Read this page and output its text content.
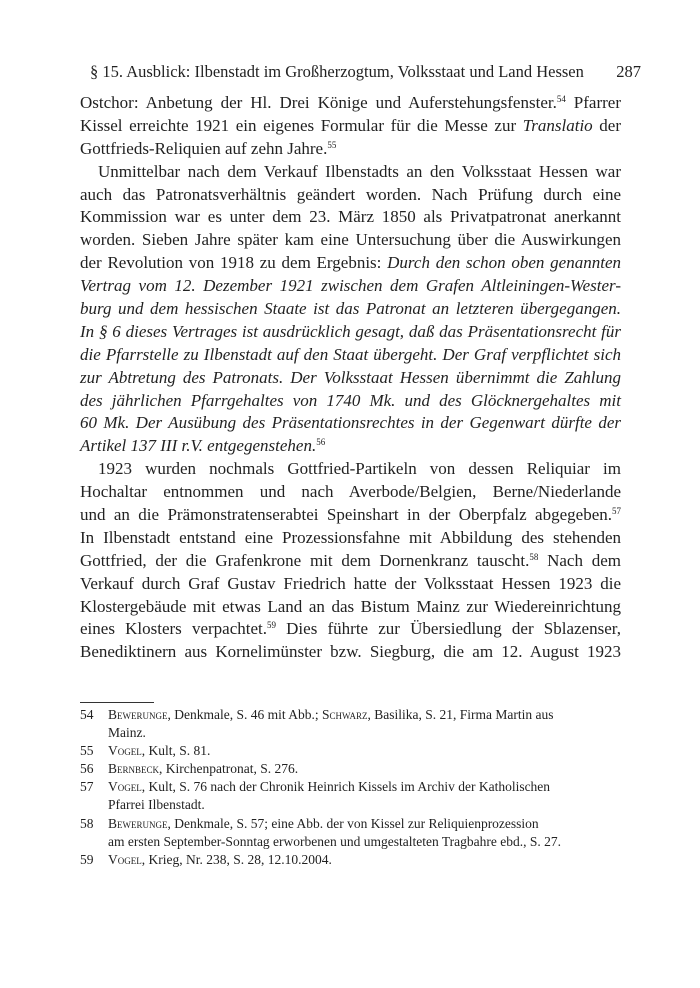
§ 15. Ausblick: Ilbenstadt im Großherzogtum, Volksstaat und Land Hessen 287
Ostchor: Anbetung der Hl. Drei Könige und Auferstehungsfenster.$^{54}$ Pfarrer
Kissel erreichte 1921 ein eigenes Formular für die Messe zur Translatio der
Gottfrieds-Reliquien auf zehn Jahre.$^{55}$
Unmittelbar nach dem Verkauf Ilbenstadts an den Volksstaat Hessen war
auch das Patronatsverhältnis geändert worden. Nach Prüfung durch eine
Kommission war es unter dem 23. März 1850 als Privatpatronat anerkannt
worden. Sieben Jahre später kam eine Untersuchung über die Auswirkungen
der Revolution von 1918 zu dem Ergebnis: Durch den schon oben genannten
Vertrag vom 12. Dezember 1921 zwischen dem Grafen Altleiningen-Wester-
burg und dem hessischen Staate ist das Patronat an letzteren übergegangen.
In § 6 dieses Vertrages ist ausdrücklich gesagt, daß das Präsentationsrecht für
die Pfarrstelle zu Ilbenstadt auf den Staat übergeht. Der Graf verpflichtet sich
zur Abtretung des Patronats. Der Volksstaat Hessen übernimmt die Zahlung
des jährlichen Pfarrgehaltes von 1740 Mk. und des Glöcknergehaltes mit
60 Mk. Der Ausübung des Präsentationsrechtes in der Gegenwart dürfte der
Artikel 137 III r.V. entgegenstehen.$^{56}$
1923 wurden nochmals Gottfried-Partikeln von dessen Reliquiar im
Hochaltar entnommen und nach Averbode/Belgien, Berne/Niederlande
und an die Prämonstratenserabtei Speinshart in der Oberpfalz abgegeben.$^{57}$
In Ilbenstadt entstand eine Prozessionsfahne mit Abbildung des stehenden
Gottfried, der die Grafenkrone mit dem Dornenkranz tauscht.$^{58}$ Nach dem
Verkauf durch Graf Gustav Friedrich hatte der Volksstaat Hessen 1923 die
Klostergebäude mit etwas Land an das Bistum Mainz zur Wiedereinrichtung
eines Klosters verpachtet.$^{59}$ Dies führte zur Übersiedlung der Sblazenser,
Benediktinern aus Kornelimünster bzw. Siegburg, die am 12. August 1923
54 Bewerunge, Denkmale, S. 46 mit Abb.; Schwarz, Basilika, S. 21, Firma Martin aus
Mainz.
55 Vogel, Kult, S. 81.
56 Bernbeck, Kirchenpatronat, S. 276.
57 Vogel, Kult, S. 76 nach der Chronik Heinrich Kissels im Archiv der Katholischen
Pfarrei Ilbenstadt.
58 Bewerunge, Denkmale, S. 57; eine Abb. der von Kissel zur Reliquienprozession
am ersten September-Sonntag erworbenen und umgestalteten Tragbahre ebd., S. 27.
59 Vogel, Krieg, Nr. 238, S. 28, 12.10.2004.
